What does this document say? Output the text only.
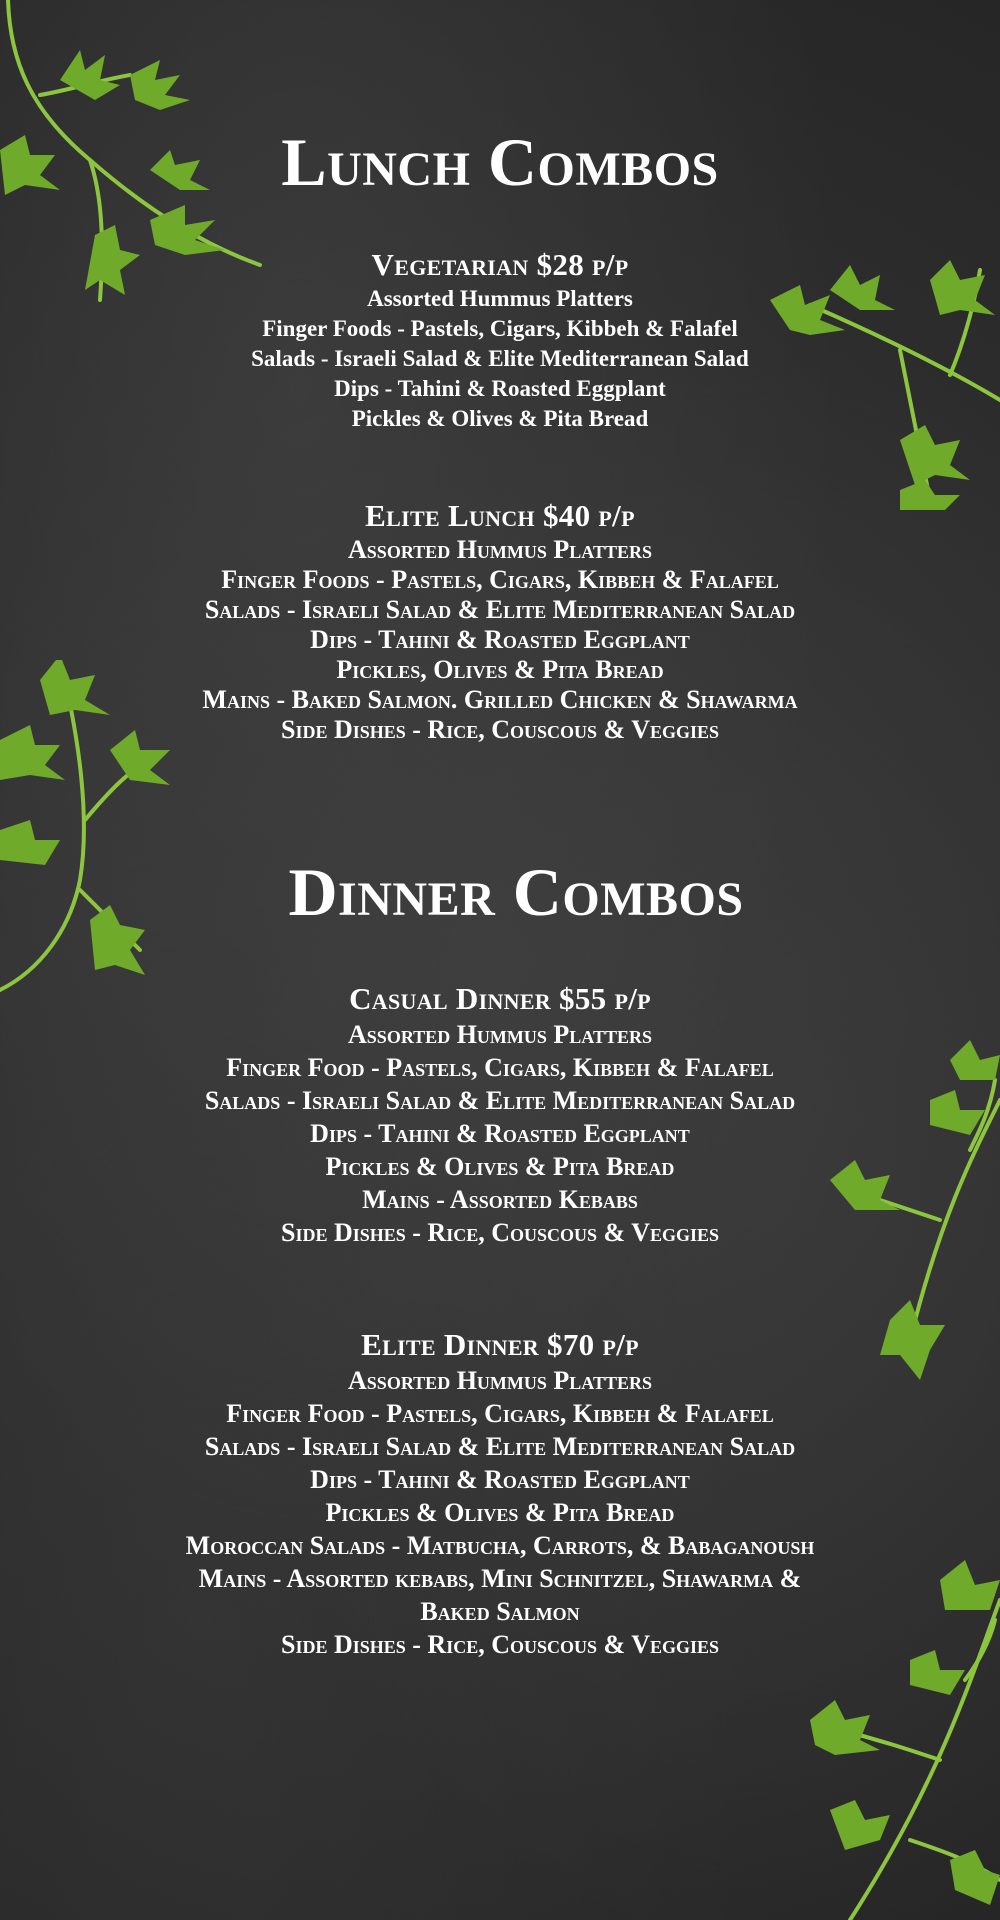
Lunch Combos
Vegetarian $28 p/p
Assorted Hummus Platters
Finger Foods - Pastels, Cigars, Kibbeh & Falafel
Salads - Israeli Salad & Elite Mediterranean Salad
Dips - Tahini & Roasted Eggplant
Pickles & Olives & Pita Bread
Elite Lunch $40 p/p
Assorted Hummus Platters
Finger Foods - Pastels, Cigars, Kibbeh & Falafel
Salads - Israeli Salad & Elite Mediterranean Salad
Dips - Tahini & Roasted Eggplant
Pickles, Olives & Pita Bread
Mains - Baked Salmon. Grilled Chicken & Shawarma
Side Dishes - Rice, Couscous & Veggies
Dinner Combos
Casual Dinner $55 p/p
Assorted Hummus Platters
Finger Food - Pastels, Cigars, Kibbeh & Falafel
Salads - Israeli Salad & Elite Mediterranean Salad
Dips - Tahini & Roasted Eggplant
Pickles & Olives & Pita Bread
Mains - Assorted Kebabs
Side Dishes - Rice, Couscous & Veggies
Elite Dinner $70 p/p
Assorted Hummus Platters
Finger Food - Pastels, Cigars, Kibbeh & Falafel
Salads - Israeli Salad & Elite Mediterranean Salad
Dips - Tahini & Roasted Eggplant
Pickles & Olives & Pita Bread
Moroccan Salads - Matbucha, Carrots, & Babaganoush
Mains - Assorted kebabs, Mini Schnitzel, Shawarma &
Baked Salmon
Side Dishes - Rice, Couscous & Veggies
